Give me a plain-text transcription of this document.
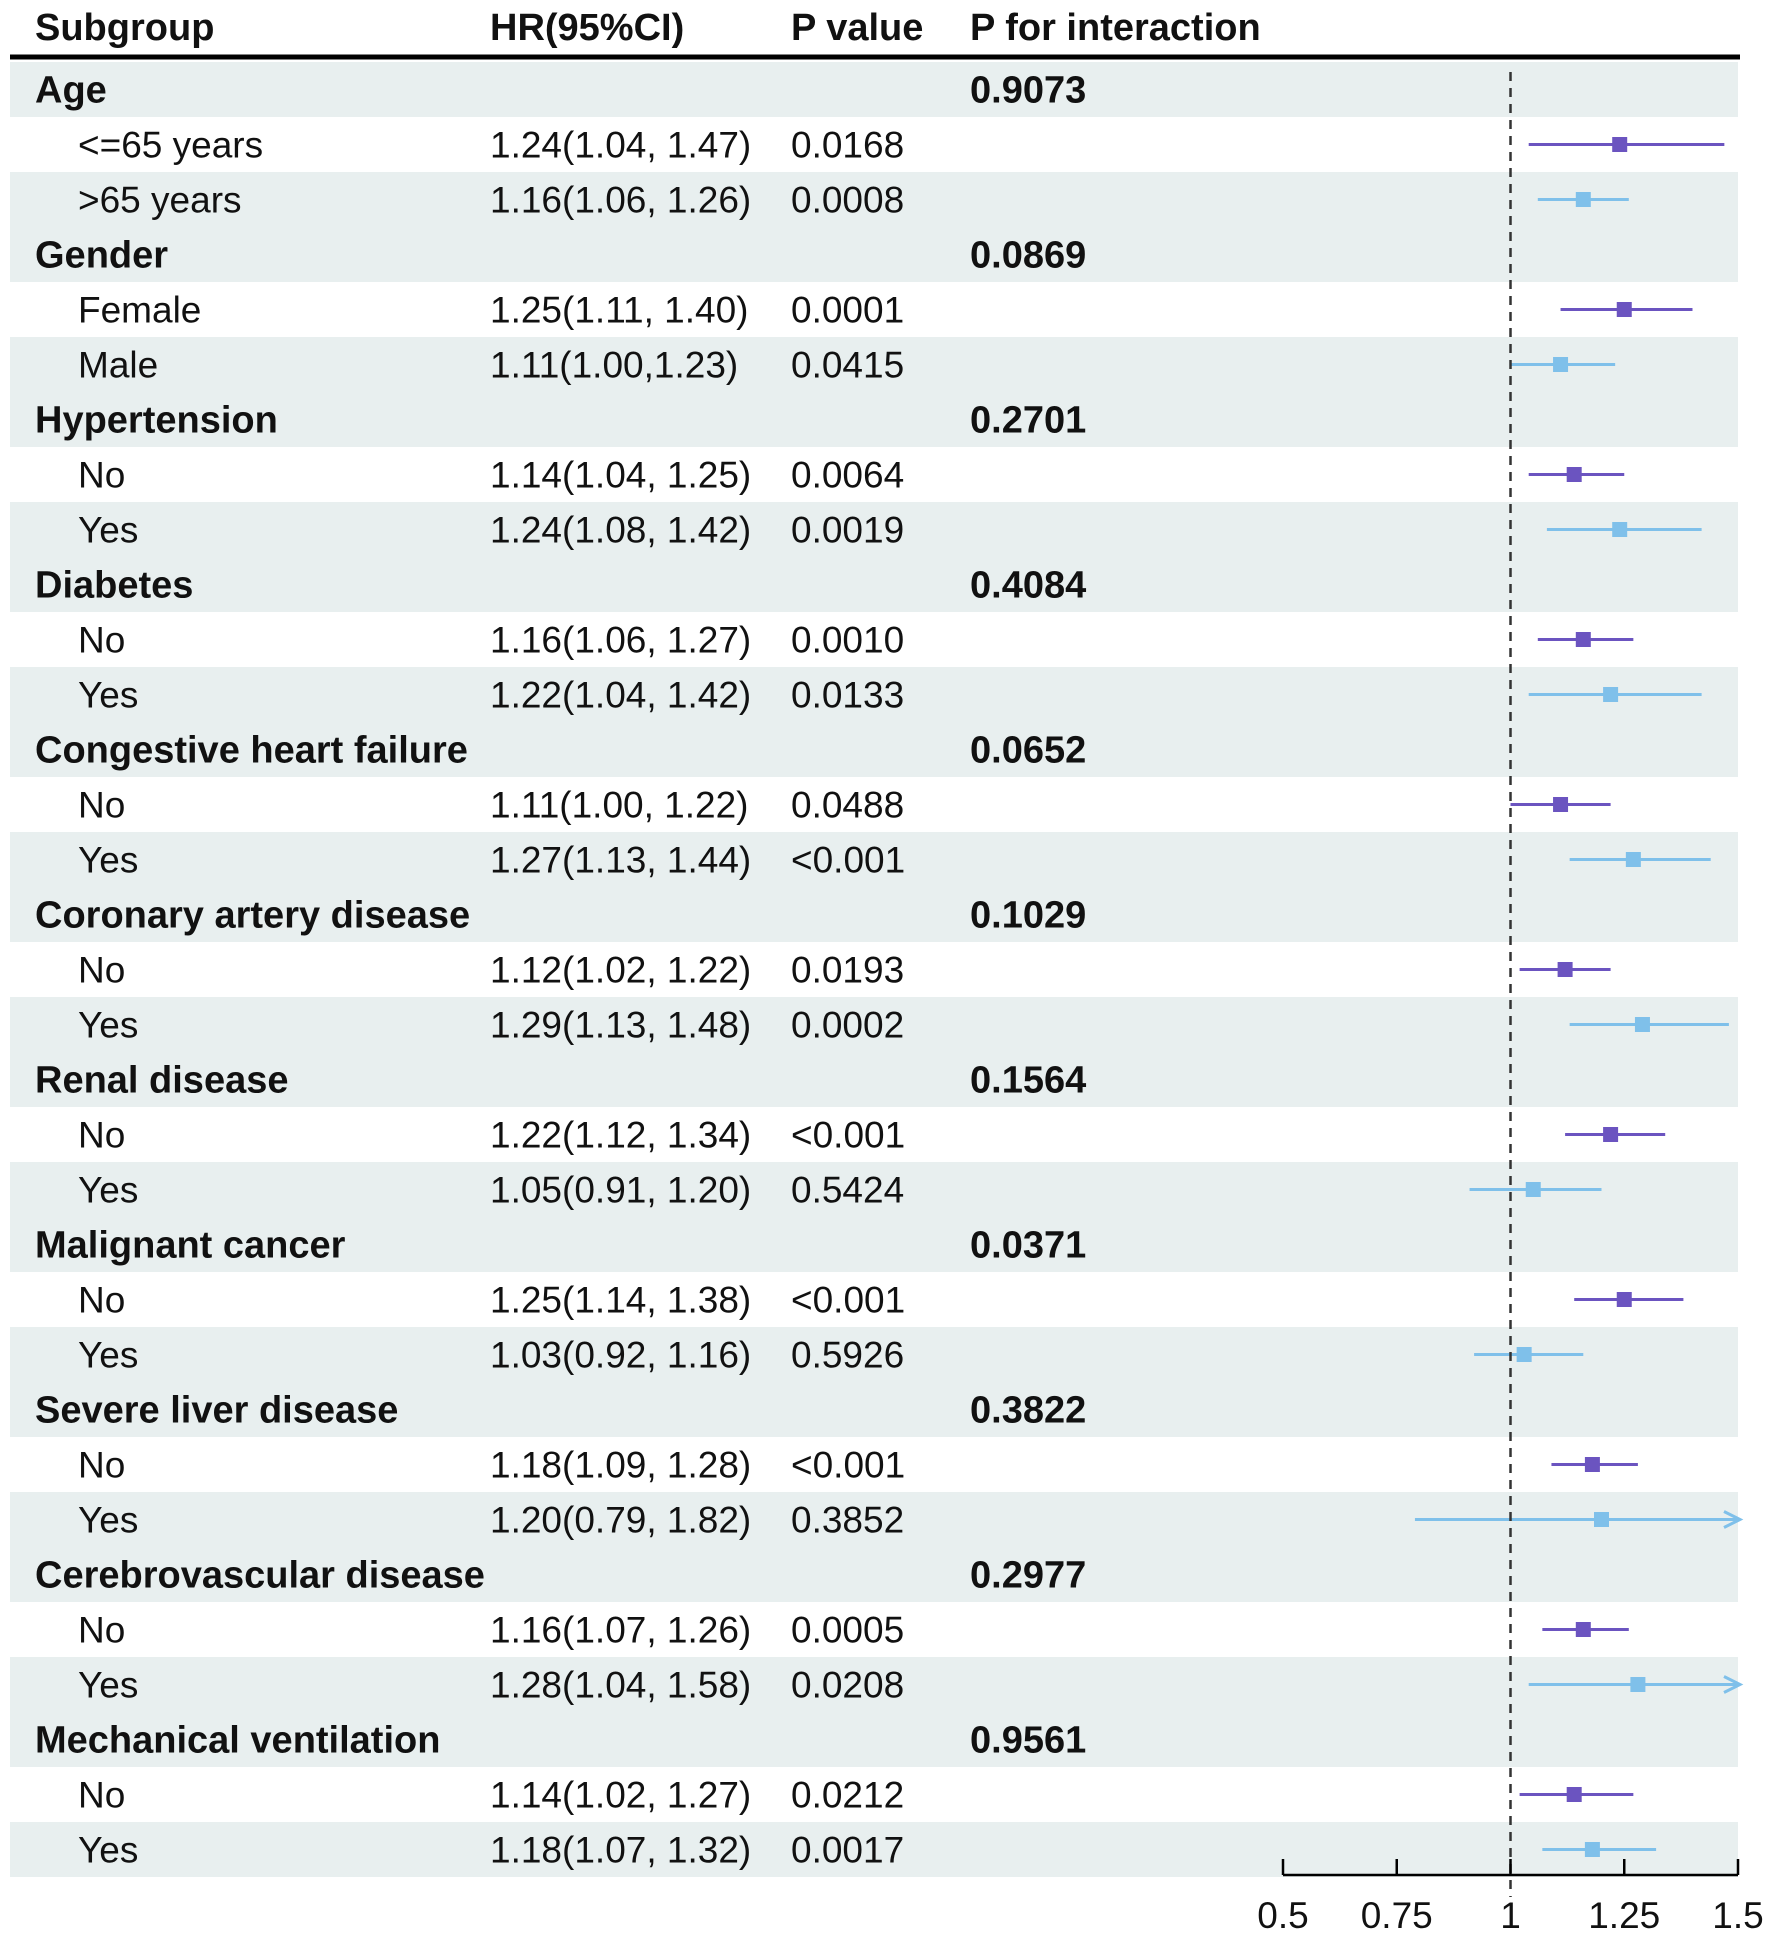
Subgroup	HR(95%CI)	P value P for interaction
Age	0.9073
<=65 years	1.24(1.04, 1.47) 0.0168
>65 years	1.16(1.06, 1.26) 0.0008
Gender	0.0869
Female	1.25(1.11, 1.40) 0.0001
Male	1.11(1.00,1.23) 0.0415
Hypertension	0.2701
No	1.14(1.04, 1.25) 0.0064
Yes	1.24(1.08, 1.42) 0.0019
Diabetes	0.4084
No	1.16(1.06, 1.27) 0.0010
Yes	1.22(1.04, 1.42) 0.0133
Congestive heart failure	0.0652
No	1.11(1.00, 1.22) 0.0488
Yes	1.27(1.13, 1.44) <0.001
Coronary artery disease	0.1029
No	1.12(1.02, 1.22) 0.0193
Yes	1.29(1.13, 1.48) 0.0002
Renal disease	0.1564
No	1.22(1.12, 1.34) <0.001
Yes	1.05(0.91, 1.20) 0.5424
Malignant cancer	0.0371
No	1.25(1.14, 1.38) <0.001
Yes	1.03(0.92, 1.16) 0.5926
Severe liver disease	0.3822
No	1.18(1.09, 1.28) <0.001
Yes	1.20(0.79, 1.82) 0.3852
Cerebrovascular disease	0.2977
No	1.16(1.07, 1.26) 0.0005
Yes	1.28(1.04, 1.58) 0.0208
Mechanical ventilation	0.9561
No	1.14(1.02, 1.27) 0.0212
Yes	1.18(1.07, 1.32) 0.0017
0.5 0.75 1 1.25 1.5
